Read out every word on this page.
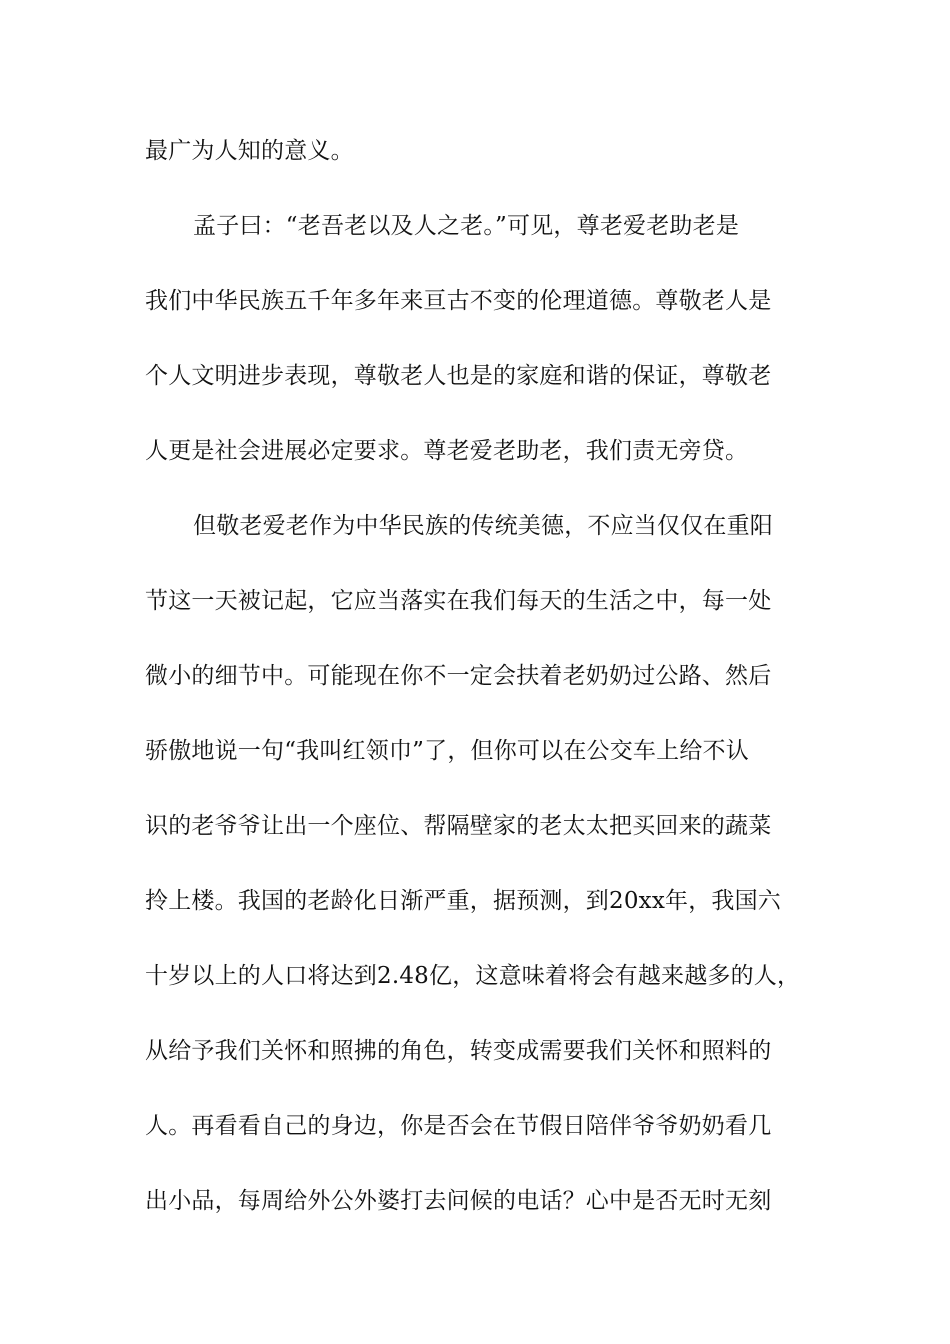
最广为人知的意义。
孟子曰：“老吾老以及人之老。”可见，尊老爱老助老是
我们中华民族五千年多年来亘古不变的伦理道德。尊敬老人是
个人文明进步表现，尊敬老人也是的家庭和谐的保证，尊敬老
人更是社会进展必定要求。尊老爱老助老，我们责无旁贷。
但敬老爱老作为中华民族的传统美德，不应当仅仅在重阳
节这一天被记起，它应当落实在我们每天的生活之中，每一处
微小的细节中。可能现在你不一定会扶着老奶奶过公路、然后
骄傲地说一句“我叫红领巾”了，但你可以在公交车上给不认
识的老爷爷让出一个座位、帮隔壁家的老太太把买回来的蔬菜
拎上楼。我国的老龄化日渐严重，据预测，到20xx年，我国六
十岁以上的人口将达到2.48亿，这意味着将会有越来越多的人，
从给予我们关怀和照拂的角色，转变成需要我们关怀和照料的
人。再看看自己的身边，你是否会在节假日陪伴爷爷奶奶看几
出小品，每周给外公外婆打去问候的电话？心中是否无时无刻
